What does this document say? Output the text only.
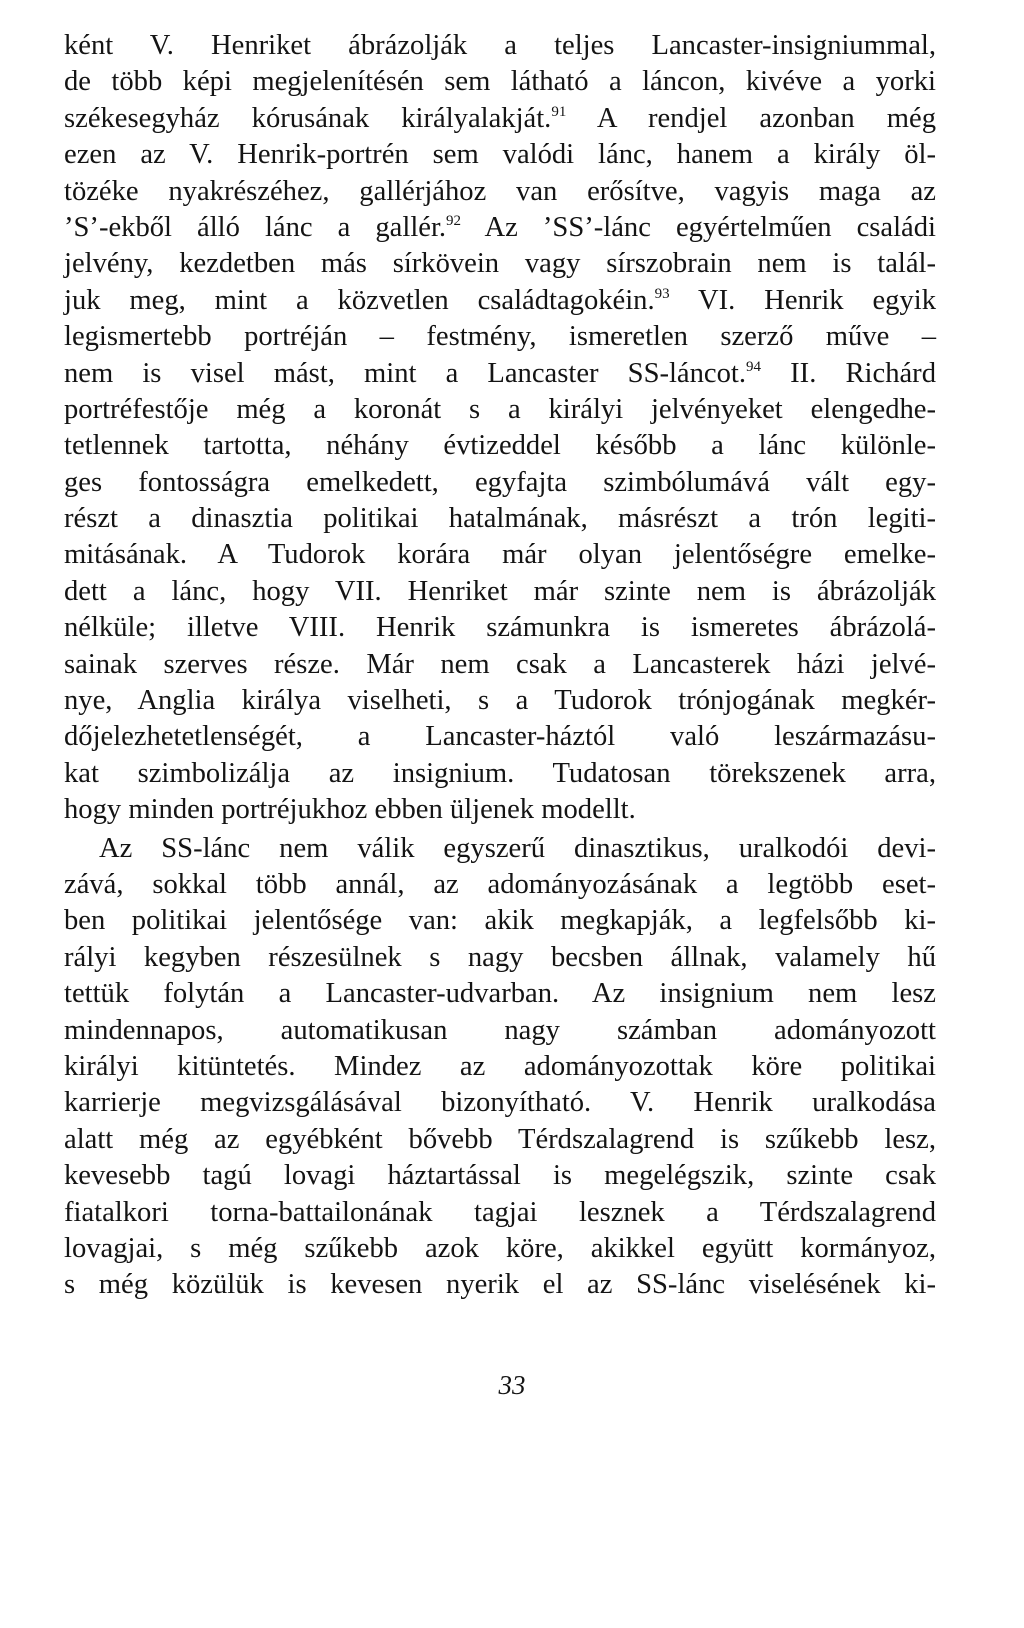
ként V. Henriket ábrázolják a teljes Lancaster-insigniummal,
de több képi megjelenítésén sem látható a láncon, kivéve a yorki
székesegyház kórusának királyalakját.$^{91}$ A rendjel azonban még
ezen az V. Henrik-portrén sem valódi lánc, hanem a király öl-
tözéke nyakrészéhez, gallérjához van erősítve, vagyis maga az
’S’-ekből álló lánc a gallér.$^{92}$ Az ’SS’-lánc egyértelműen családi
jelvény, kezdetben más sírkövein vagy sírszobrain nem is talál-
juk meg, mint a közvetlen családtagokéin.$^{93}$ VI. Henrik egyik
legismertebb portréján – festmény, ismeretlen szerző műve –
nem is visel mást, mint a Lancaster SS-láncot.$^{94}$ II. Richárd
portréfestője még a koronát s a királyi jelvényeket elengedhe-
tetlennek tartotta, néhány évtizeddel később a lánc különle-
ges fontosságra emelkedett, egyfajta szimbólumává vált egy-
részt a dinasztia politikai hatalmának, másrészt a trón legiti-
mitásának. A Tudorok korára már olyan jelentőségre emelke-
dett a lánc, hogy VII. Henriket már szinte nem is ábrázolják
nélküle; illetve VIII. Henrik számunkra is ismeretes ábrázolá-
sainak szerves része. Már nem csak a Lancasterek házi jelvé-
nye, Anglia királya viselheti, s a Tudorok trónjogának megkér-
dőjelezhetetlenségét, a Lancaster-háztól való leszármazásu-
kat szimbolizálja az insignium. Tudatosan törekszenek arra,
hogy minden portréjukhoz ebben üljenek modellt.
Az SS-lánc nem válik egyszerű dinasztikus, uralkodói devi-
zává, sokkal több annál, az adományozásának a legtöbb eset-
ben politikai jelentősége van: akik megkapják, a legfelsőbb ki-
rályi kegyben részesülnek s nagy becsben állnak, valamely hű
tettük folytán a Lancaster-udvarban. Az insignium nem lesz
mindennapos, automatikusan nagy számban adományozott
királyi kitüntetés. Mindez az adományozottak köre politikai
karrierje megvizsgálásával bizonyítható. V. Henrik uralkodása
alatt még az egyébként bővebb Térdszalagrend is szűkebb lesz,
kevesebb tagú lovagi háztartással is megelégszik, szinte csak
fiatalkori torna-battailonának tagjai lesznek a Térdszalagrend
lovagjai, s még szűkebb azok köre, akikkel együtt kormányoz,
s még közülük is kevesen nyerik el az SS-lánc viselésének ki-
33
